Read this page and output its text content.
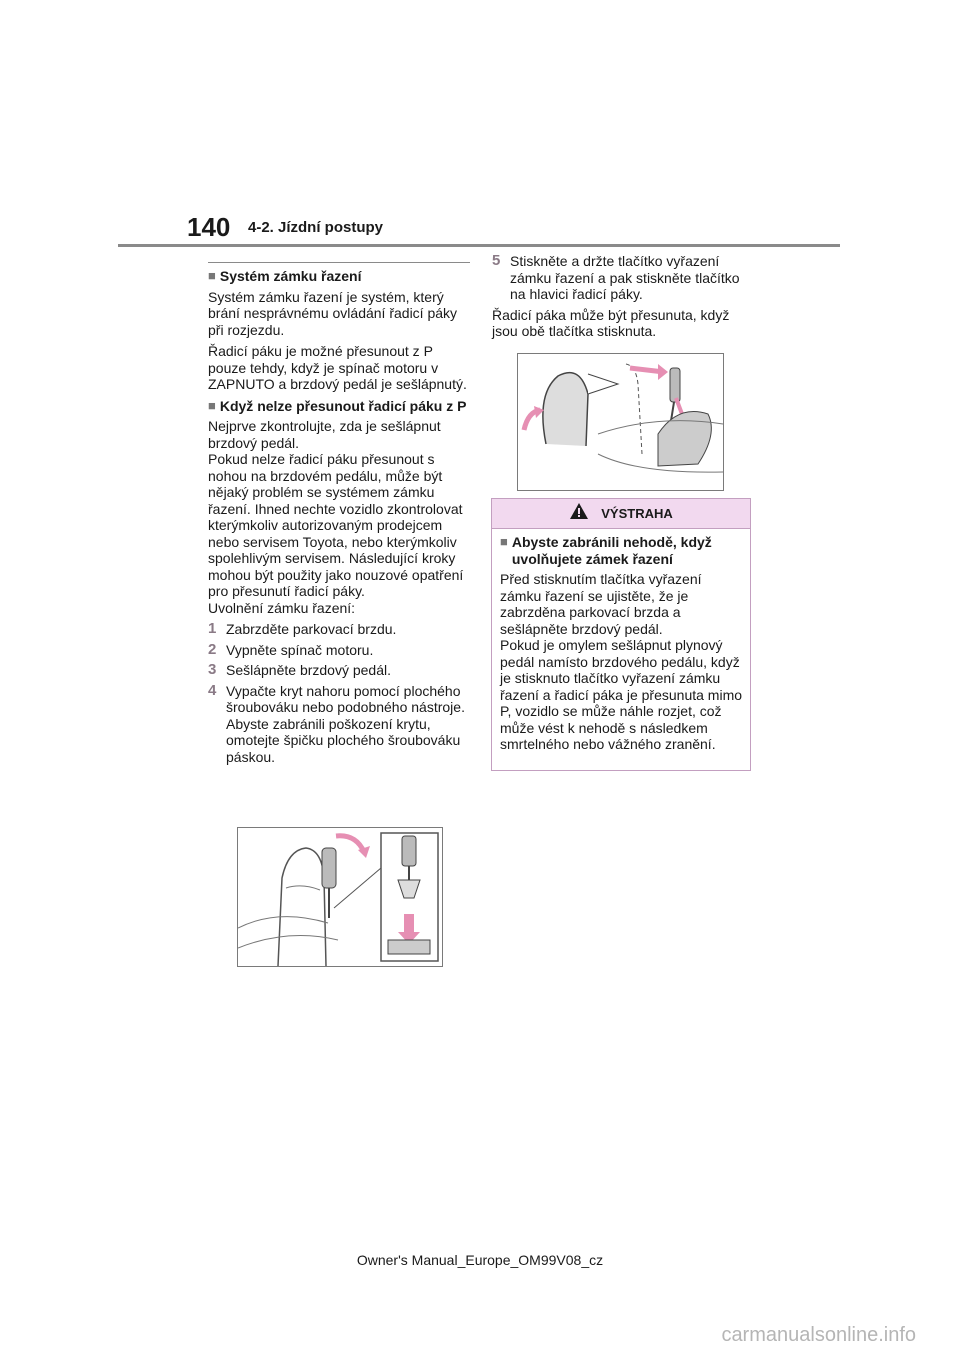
140 4-2. Jízdní postupy
■ Systém zámku řazení

Systém zámku řazení je systém, který brání nesprávnému ovládání řadicí páky při rozjezdu.

Řadicí páku je možné přesunout z P pouze tehdy, když je spínač motoru v ZAPNUTO a brzdový pedál je sešlápnutý.

■ Když nelze přesunout řadicí páku z P

Nejprve zkontrolujte, zda je sešlápnut brzdový pedál.

Pokud nelze řadicí páku přesunout s nohou na brzdovém pedálu, může být nějaký problém se systémem zámku řazení. Ihned nechte vozidlo zkontrolovat kterýmkoliv autorizovaným prodejcem nebo servisem Toyota, nebo kterýmkoliv spolehlivým servisem. Následující kroky mohou být použity jako nouzové opatření pro přesunutí řadicí páky.

Uvolnění zámku řazení:

1 Zabrzděte parkovací brzdu.
2 Vypněte spínač motoru.
3 Sešlápněte brzdový pedál.
4 Vypačte kryt nahoru pomocí plochého šroubováku nebo podobného nástroje.
Abyste zabránili poškození krytu, omotejte špičku plochého šroubováku páskou.
5 Stiskněte a držte tlačítko vyřazení zámku řazení a pak stiskněte tlačítko na hlavici řadicí páky.

Řadicí páka může být přesunuta, když jsou obě tlačítka stisknuta.

VÝSTRAHA
■ Abyste zabránili nehodě, když uvolňujete zámek řazení

Před stisknutím tlačítka vyřazení zámku řazení se ujistěte, že je zabrzděna parkovací brzda a sešlápněte brzdový pedál.

Pokud je omylem sešlápnut plynový pedál namísto brzdového pedálu, když je stisknuto tlačítko vyřazení zámku řazení a řadicí páka je přesunuta mimo P, vozidlo se může náhle rozjet, což může vést k nehodě s následkem smrtelného nebo vážného zranění.

Owner's Manual_Europe_OM99V08_cz
carmanualsonline.info
